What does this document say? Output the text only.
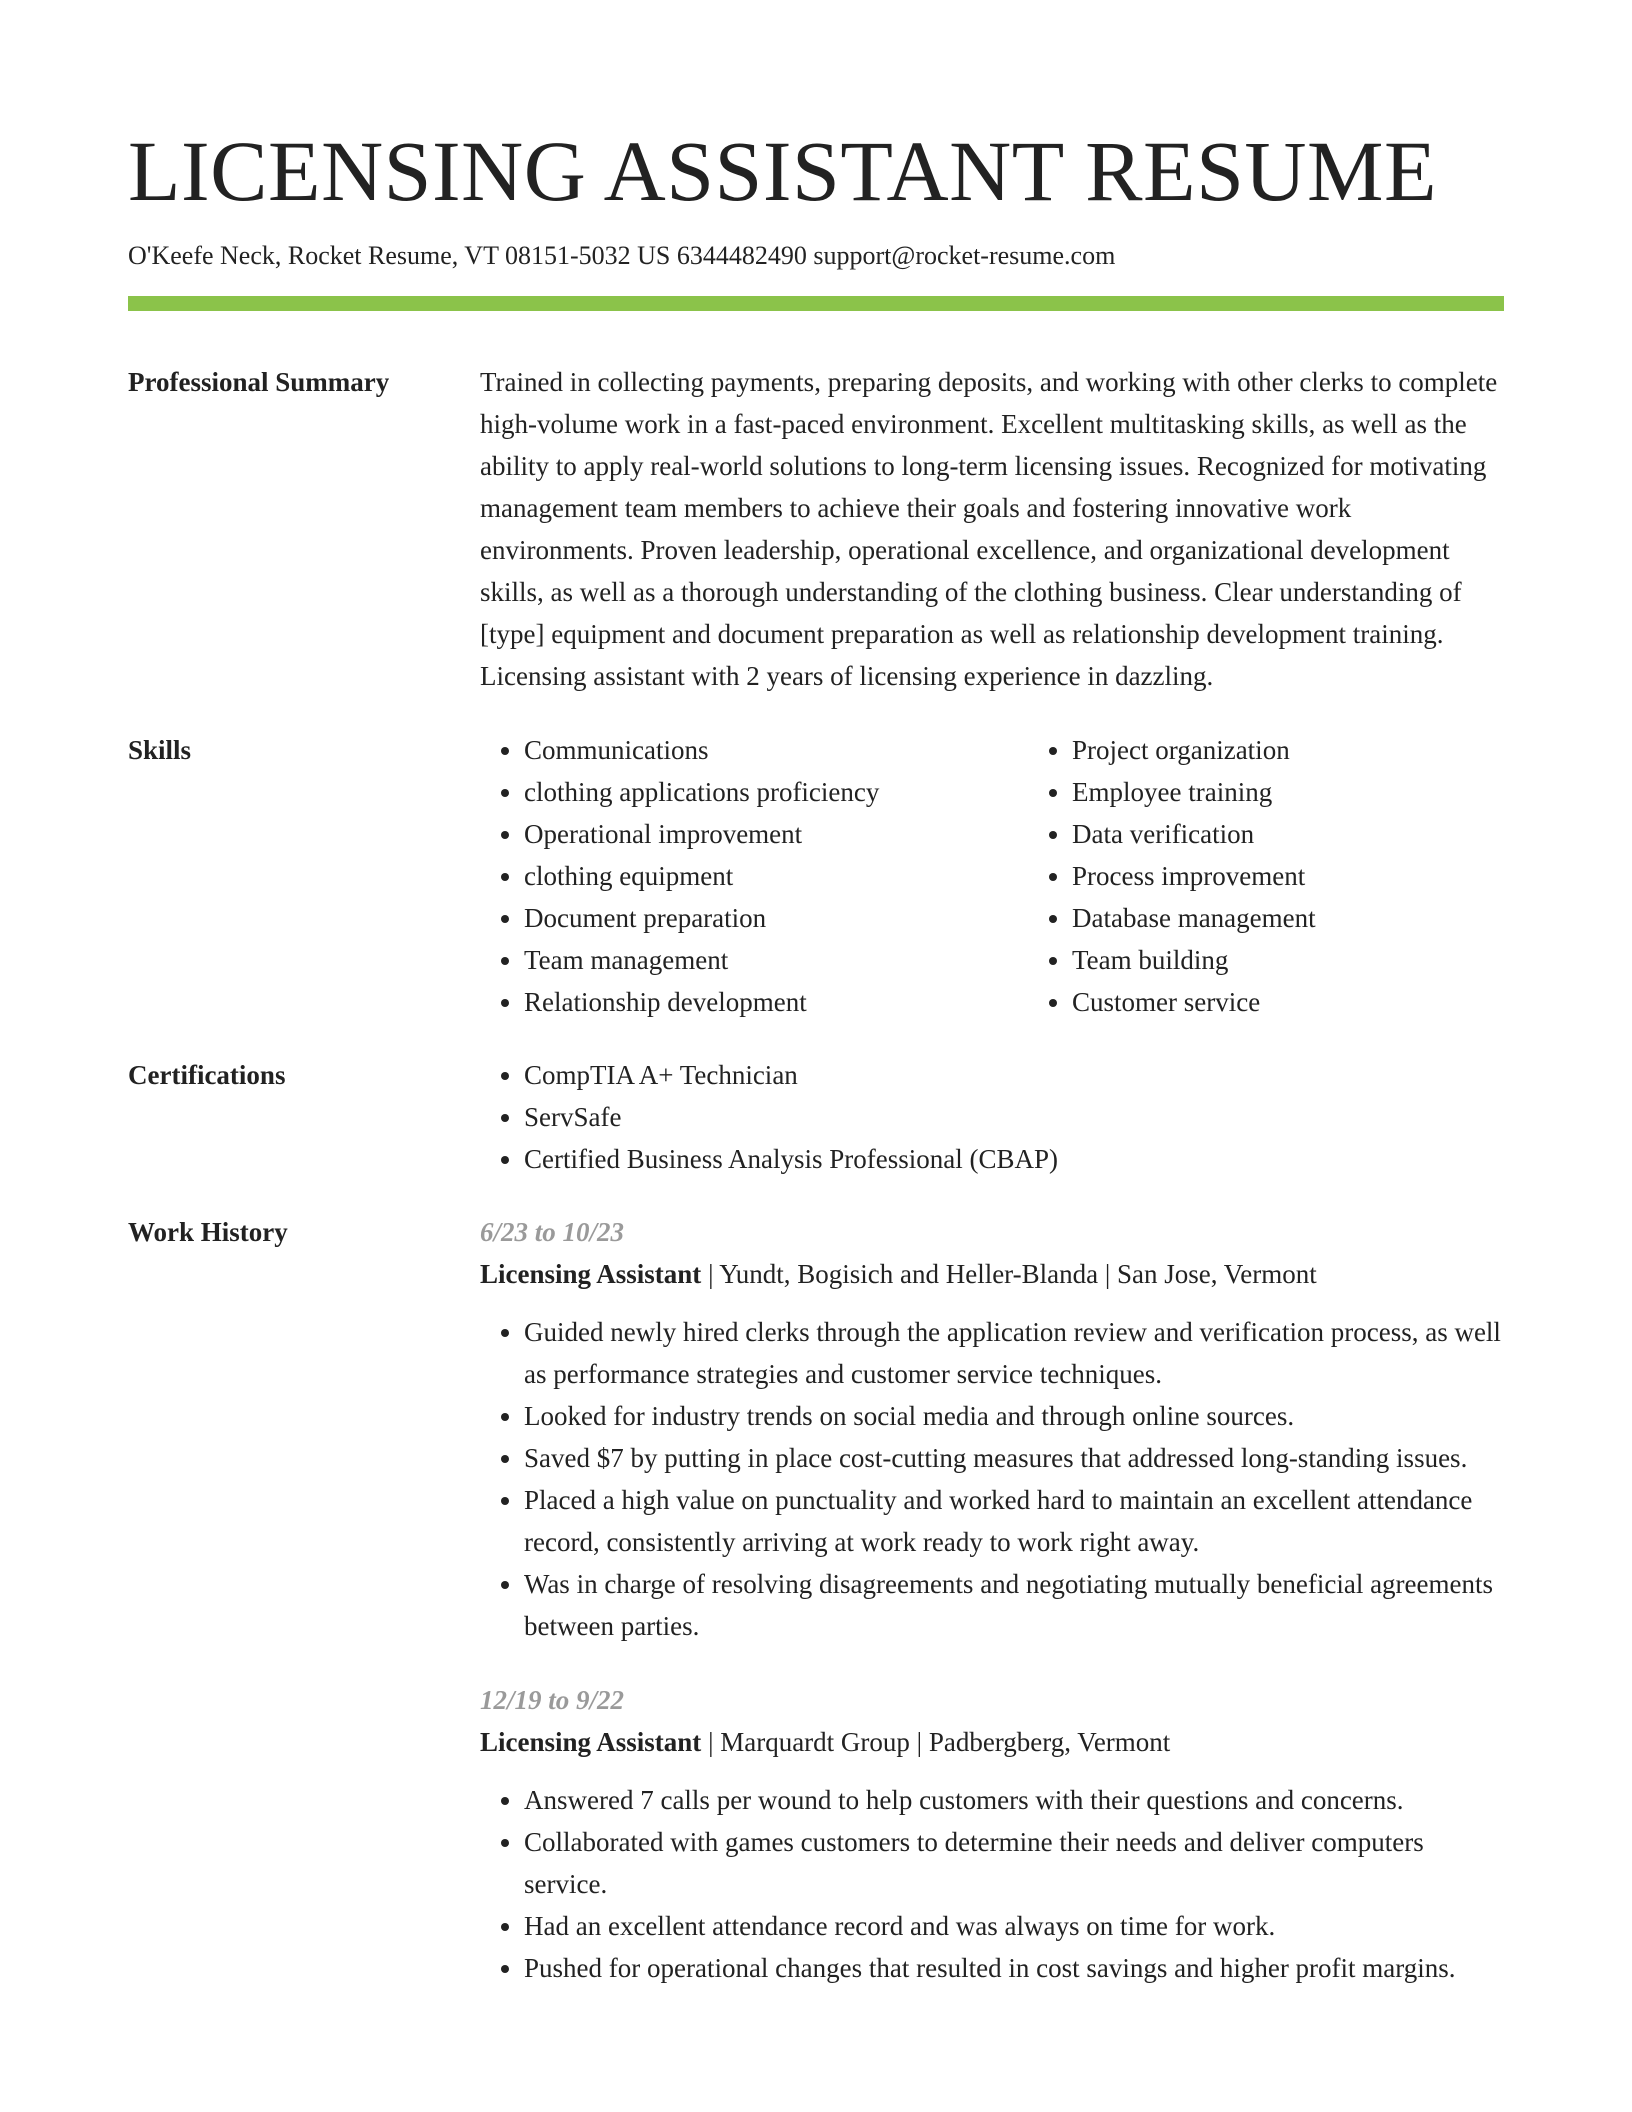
LICENSING ASSISTANT RESUME
O'Keefe Neck, Rocket Resume, VT 08151-5032 US 6344482490 support@rocket-resume.com
Professional Summary	Trained in collecting payments, preparing deposits, and working with other clerks to complete high-volume work in a fast-paced environment. Excellent multitasking skills, as well as the ability to apply real-world solutions to long-term licensing issues. Recognized for motivating management team members to achieve their goals and fostering innovative work environments. Proven leadership, operational excellence, and organizational development skills, as well as a thorough understanding of the clothing business. Clear understanding of [type] equipment and document preparation as well as relationship development training. Licensing assistant with 2 years of licensing experience in dazzling.
Skills	• Communications
• clothing applications proficiency
• Operational improvement
• clothing equipment
• Document preparation
• Team management
• Relationship development
• Project organization
• Employee training
• Data verification
• Process improvement
• Database management
• Team building
• Customer service
Certifications	• CompTIA A+ Technician
• ServSafe
• Certified Business Analysis Professional (CBAP)
Work History	6/23 to 10/23
Licensing Assistant | Yundt, Bogisich and Heller-Blanda | San Jose, Vermont
• Guided newly hired clerks through the application review and verification process, as well as performance strategies and customer service techniques.
• Looked for industry trends on social media and through online sources.
• Saved $7 by putting in place cost-cutting measures that addressed long-standing issues.
• Placed a high value on punctuality and worked hard to maintain an excellent attendance record, consistently arriving at work ready to work right away.
• Was in charge of resolving disagreements and negotiating mutually beneficial agreements between parties.
12/19 to 9/22
Licensing Assistant | Marquardt Group | Padbergberg, Vermont
• Answered 7 calls per wound to help customers with their questions and concerns.
• Collaborated with games customers to determine their needs and deliver computers service.
• Had an excellent attendance record and was always on time for work.
• Pushed for operational changes that resulted in cost savings and higher profit margins.
